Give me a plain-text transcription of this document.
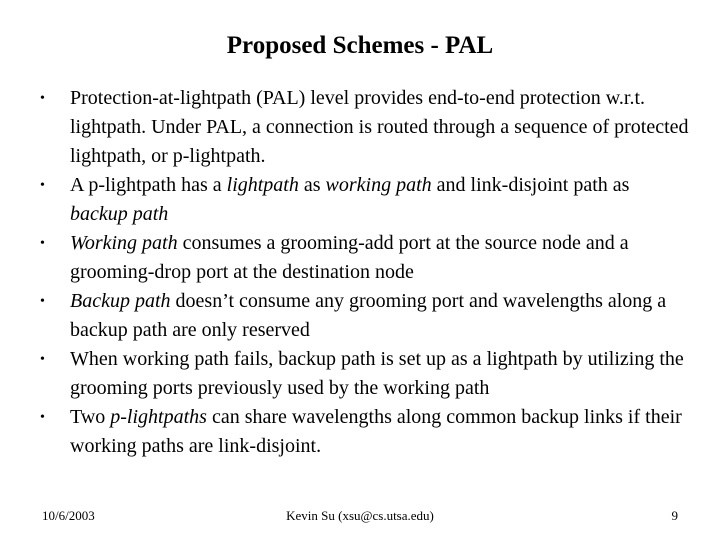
Proposed Schemes - PAL
•	Protection-at-lightpath (PAL) level provides end-to-end protection w.r.t. lightpath. Under PAL, a connection is routed through a sequence of protected lightpath, or p-lightpath.
•	A p-lightpath has a lightpath as working path and link-disjoint path as backup path
•	Working path consumes a grooming-add port at the source node and a grooming-drop port at the destination node
•	Backup path doesn’t consume any grooming port and wavelengths along a backup path are only reserved
•	When working path fails, backup path is set up as a lightpath by utilizing the grooming ports previously used by the working path
•	Two p-lightpaths can share wavelengths along common backup links if their working paths are link-disjoint.
10/6/2003	Kevin Su (xsu@cs.utsa.edu)	9
